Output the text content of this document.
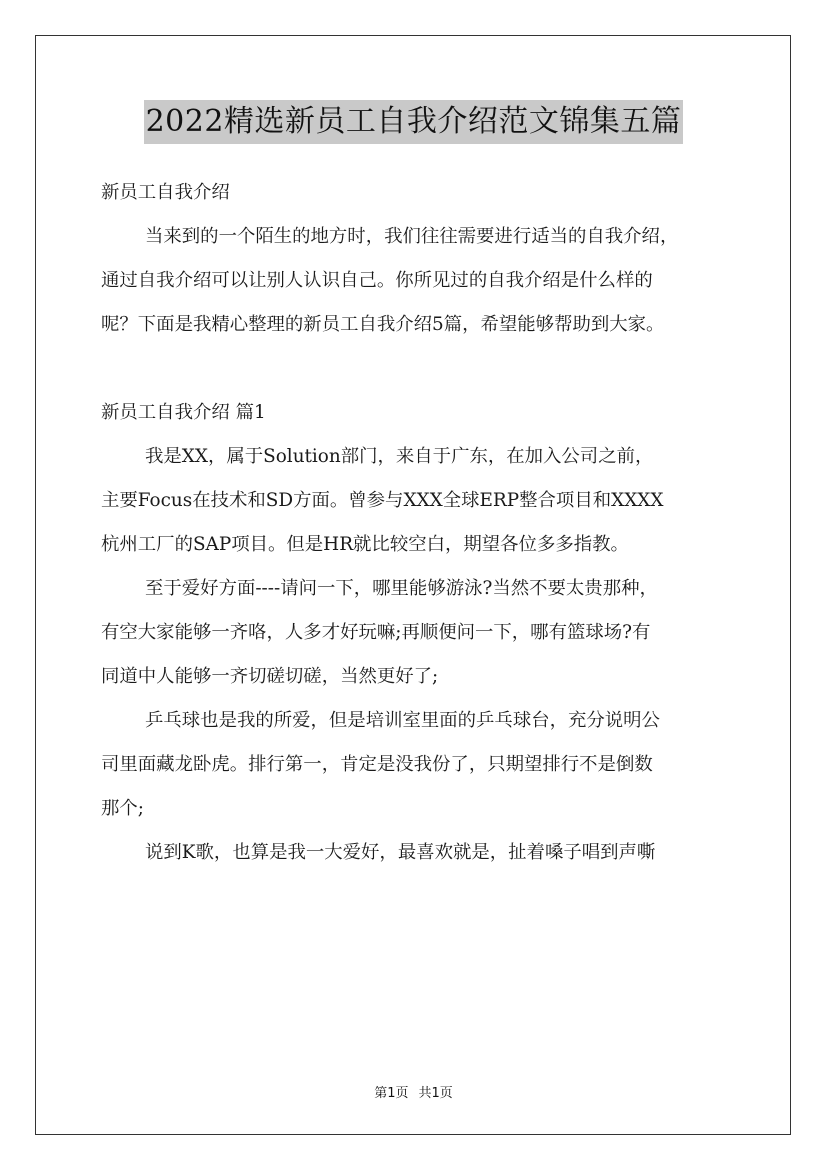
2022精选新员工自我介绍范文锦集五篇
新员工自我介绍
当来到的一个陌生的地方时，我们往往需要进行适当的自我介绍，
通过自我介绍可以让别人认识自己。你所见过的自我介绍是什么样的
呢？下面是我精心整理的新员工自我介绍5篇，希望能够帮助到大家。
新员工自我介绍 篇1
我是XX，属于Solution部门，来自于广东，在加入公司之前，
主要Focus在技术和SD方面。曾参与XXX全球ERP整合项目和XXXX
杭州工厂的SAP项目。但是HR就比较空白，期望各位多多指教。
至于爱好方面----请问一下，哪里能够游泳?当然不要太贵那种，
有空大家能够一齐咯，人多才好玩嘛;再顺便问一下，哪有篮球场?有
同道中人能够一齐切磋切磋，当然更好了;
乒乓球也是我的所爱，但是培训室里面的乒乓球台，充分说明公
司里面藏龙卧虎。排行第一，肯定是没我份了，只期望排行不是倒数
那个;
说到K歌，也算是我一大爱好，最喜欢就是，扯着嗓子唱到声嘶
第1页 共1页
